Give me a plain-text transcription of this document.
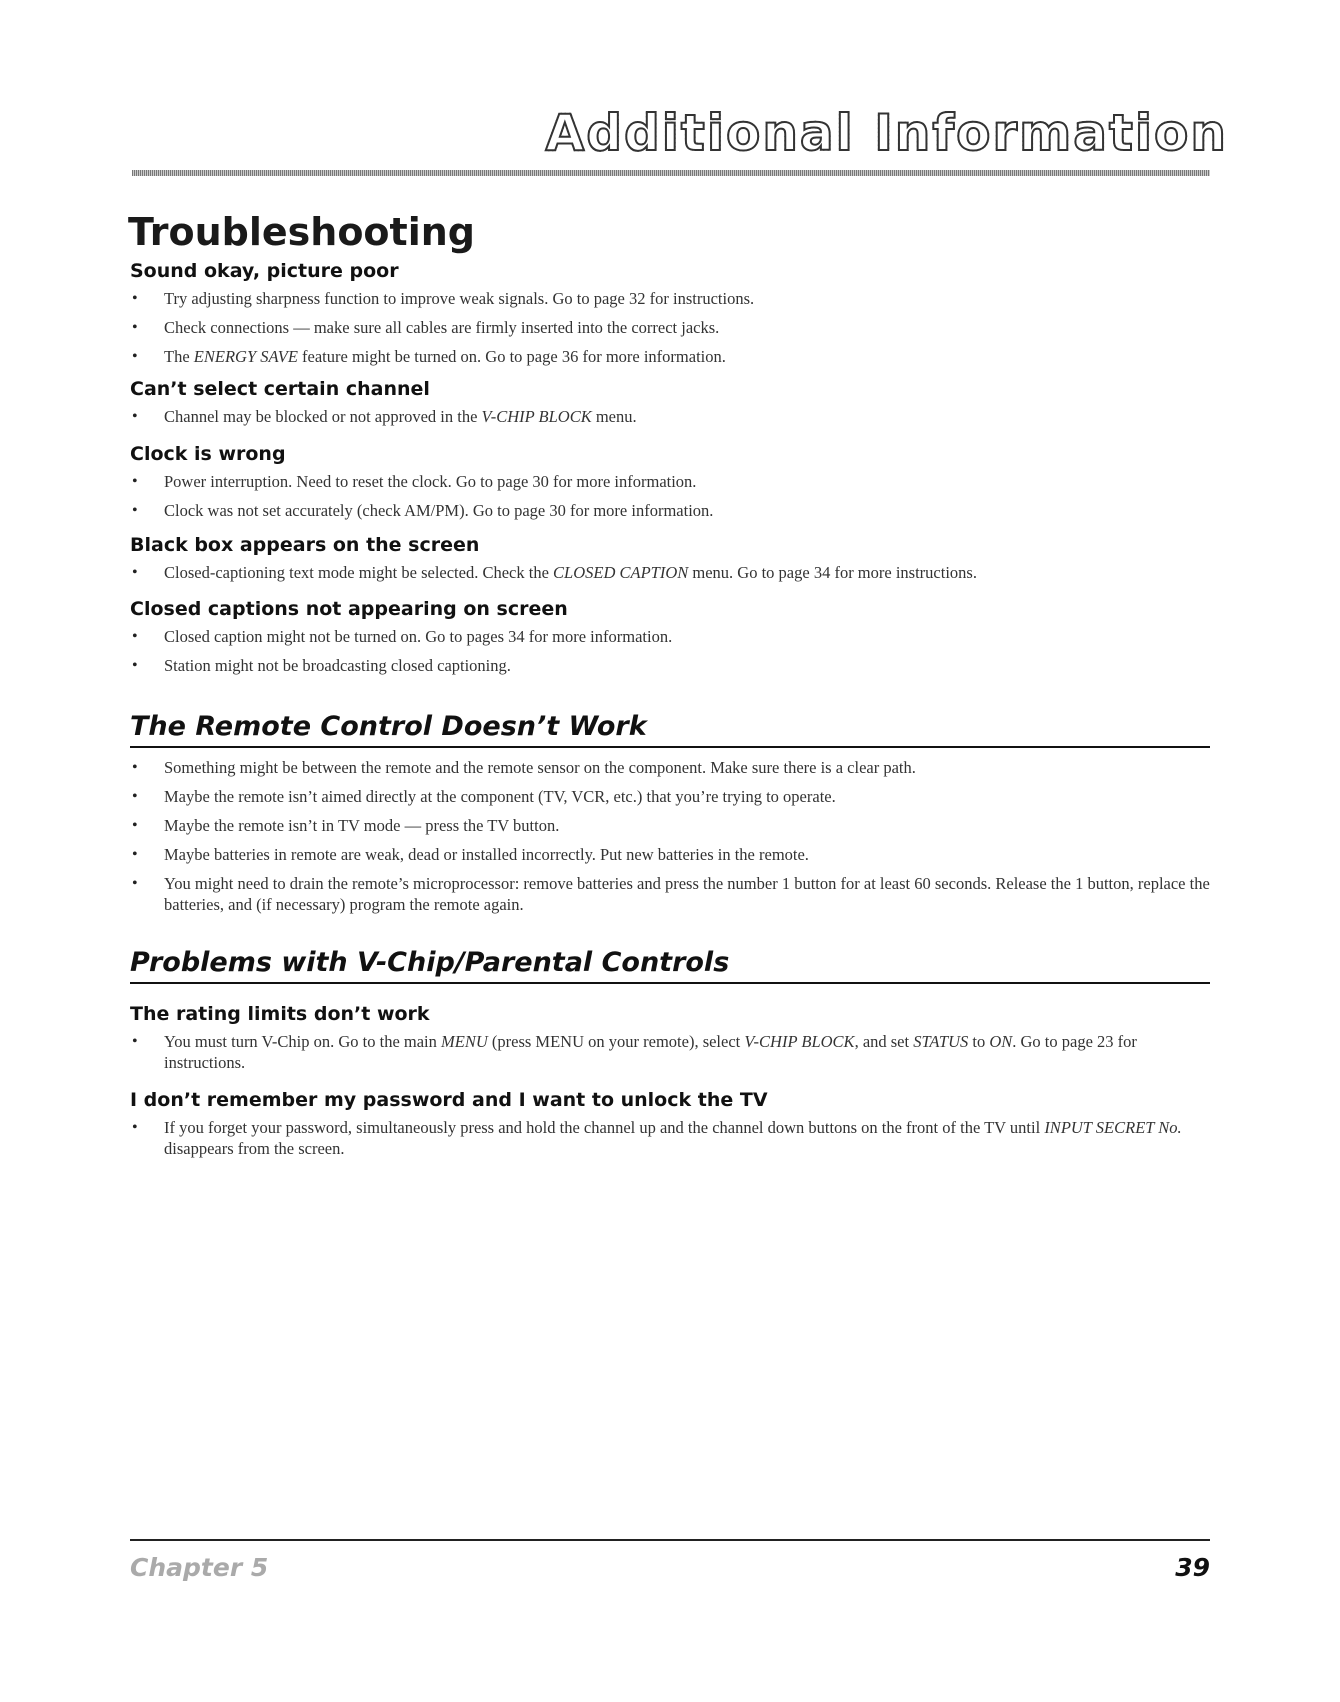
Additional Information
Troubleshooting
Sound okay, picture poor
• Try adjusting sharpness function to improve weak signals. Go to page 32 for instructions.
• Check connections — make sure all cables are firmly inserted into the correct jacks.
• The ENERGY SAVE feature might be turned on. Go to page 36 for more information.
Can’t select certain channel
• Channel may be blocked or not approved in the V-CHIP BLOCK menu.
Clock is wrong
• Power interruption. Need to reset the clock. Go to page 30 for more information.
• Clock was not set accurately (check AM/PM). Go to page 30 for more information.
Black box appears on the screen
• Closed-captioning text mode might be selected. Check the CLOSED CAPTION menu. Go to page 34 for more instructions.
Closed captions not appearing on screen
• Closed caption might not be turned on. Go to pages 34 for more information.
• Station might not be broadcasting closed captioning.
The Remote Control Doesn’t Work
• Something might be between the remote and the remote sensor on the component. Make sure there is a clear path.
• Maybe the remote isn’t aimed directly at the component (TV, VCR, etc.) that you’re trying to operate.
• Maybe the remote isn’t in TV mode — press the TV button.
• Maybe batteries in remote are weak, dead or installed incorrectly. Put new batteries in the remote.
• You might need to drain the remote’s microprocessor: remove batteries and press the number 1 button for at least 60 seconds. Release the 1 button, replace the batteries, and (if necessary) program the remote again.
Problems with V-Chip/Parental Controls
The rating limits don’t work
• You must turn V-Chip on. Go to the main MENU (press MENU on your remote), select V-CHIP BLOCK, and set STATUS to ON. Go to page 23 for instructions.
I don’t remember my password and I want to unlock the TV
• If you forget your password, simultaneously press and hold the channel up and the channel down buttons on the front of the TV until INPUT SECRET No. disappears from the screen.
Chapter 5	39
